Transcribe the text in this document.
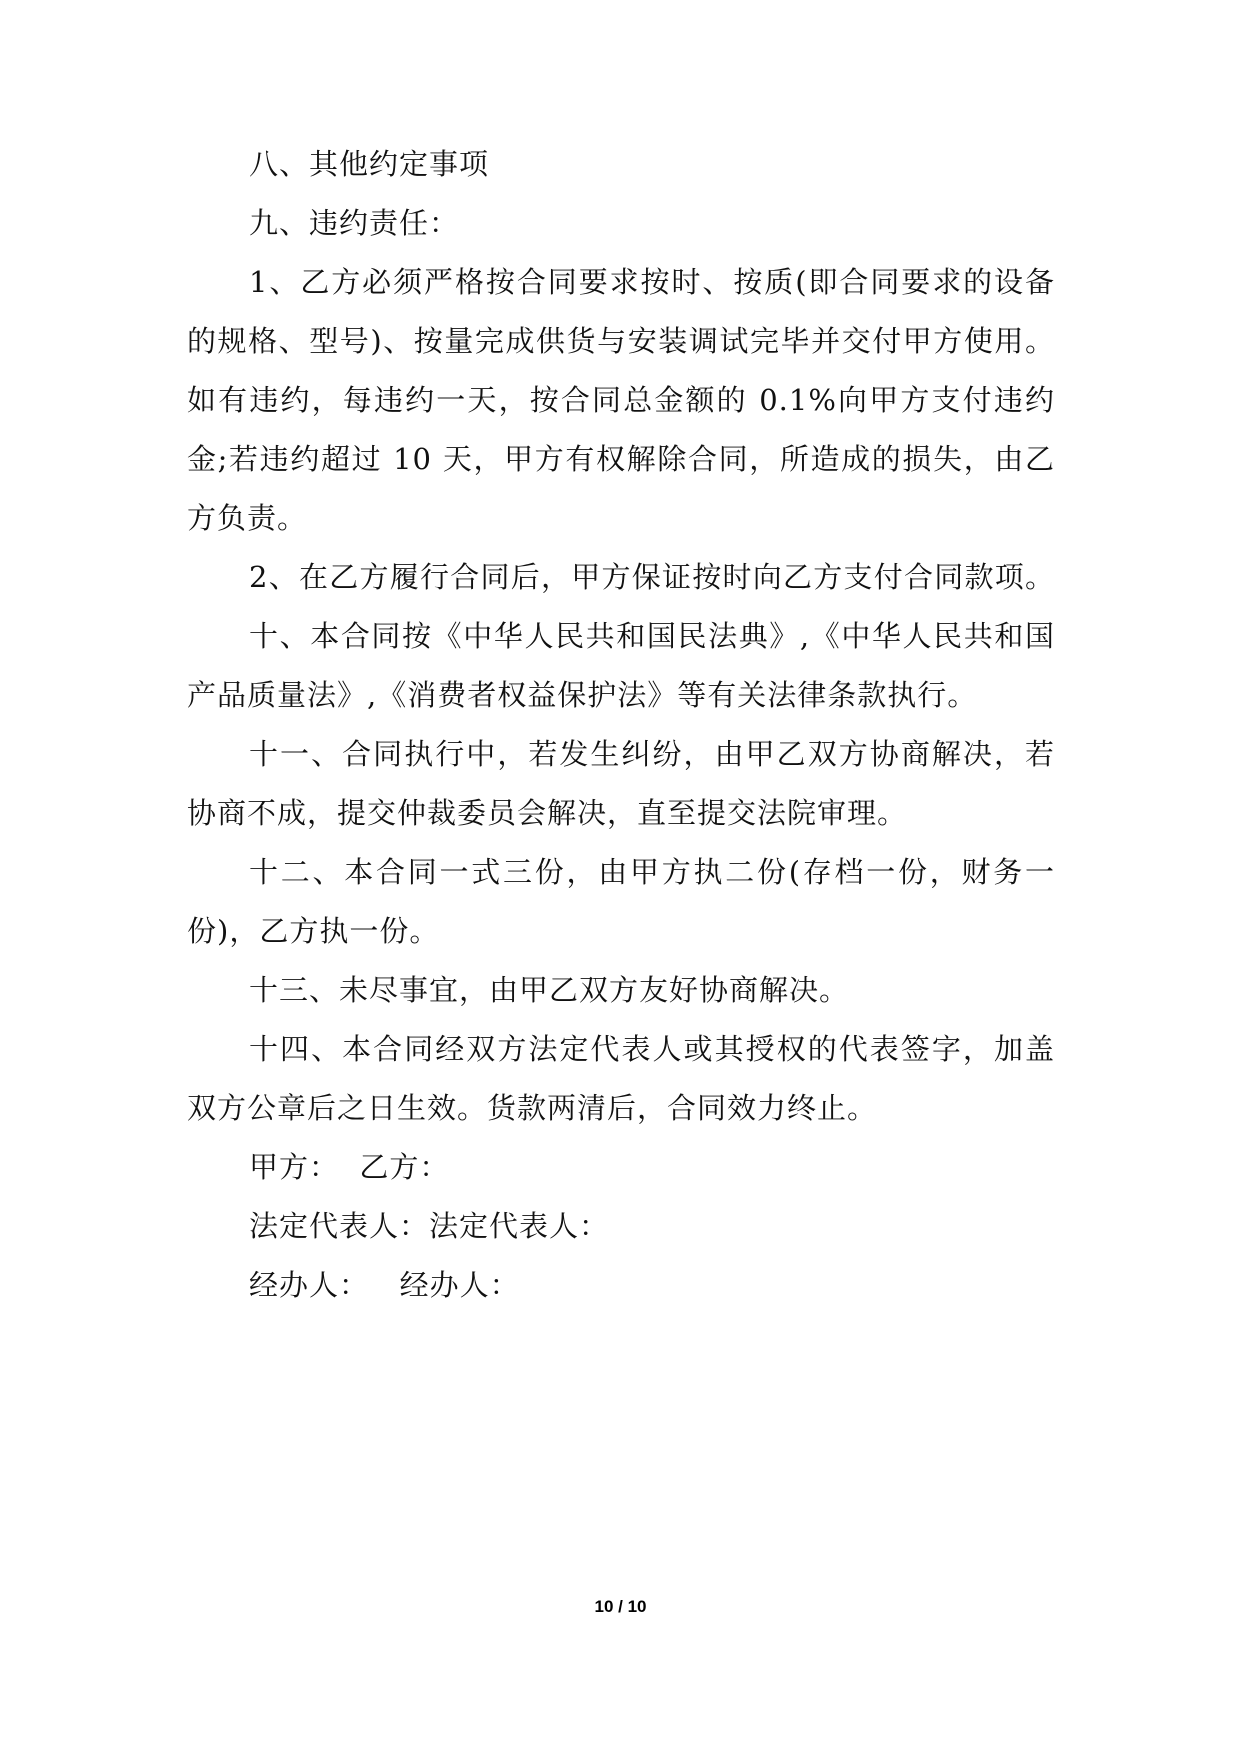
八、其他约定事项
九、违约责任：
1、乙方必须严格按合同要求按时、按质(即合同要求的设备
的规格、型号)、按量完成供货与安装调试完毕并交付甲方使用。
如有违约，每违约一天，按合同总金额的 0.1%向甲方支付违约
金;若违约超过 10 天，甲方有权解除合同，所造成的损失，由乙
方负责。
2、在乙方履行合同后，甲方保证按时向乙方支付合同款项。
十、本合同按《中华人民共和国民法典》,《中华人民共和国
产品质量法》,《消费者权益保护法》等有关法律条款执行。
十一、合同执行中，若发生纠纷，由甲乙双方协商解决，若
协商不成，提交仲裁委员会解决，直至提交法院审理。
十二、本合同一式三份，由甲方执二份(存档一份，财务一
份)，乙方执一份。
十三、未尽事宜，由甲乙双方友好协商解决。
十四、本合同经双方法定代表人或其授权的代表签字，加盖
双方公章后之日生效。货款两清后，合同效力终止。
甲方：  乙方：
法定代表人：法定代表人：
经办人：   经办人：
10 / 10
